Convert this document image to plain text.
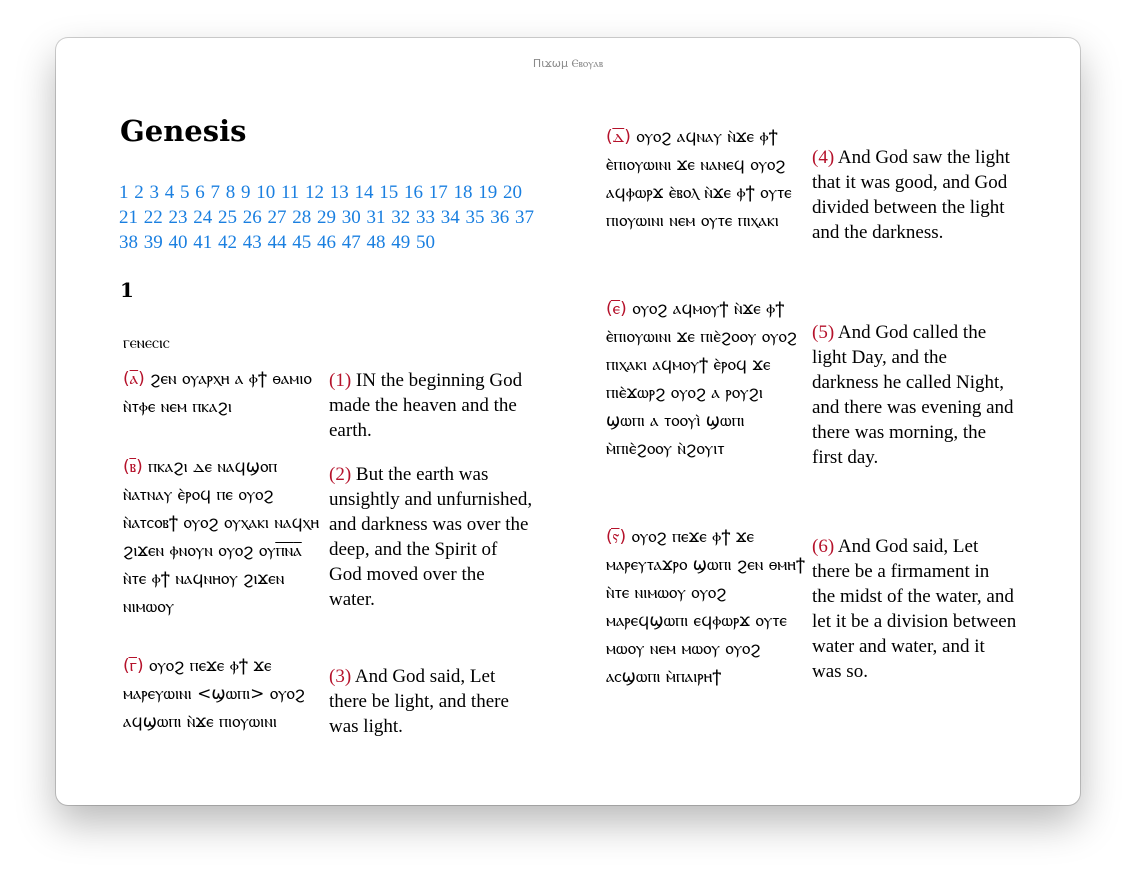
Πιϫωμ Ⲉⲃⲟⲩⲁⲃ
Genesis
1 2 3 4 5 6 7 8 9 10 11 12 13 14 15 16 17 18 19 20 21 22 23 24 25 26 27 28 29 30 31 32 33 34 35 36 37 38 39 40 41 42 43 44 45 46 47 48 49 50
1
ⲅⲉⲛⲉⲥⲓⲥ
(ⲁ̅) ϩⲉⲛ ⲟⲩⲁⲣⲭⲏ ⲁ ⲫϯ ⲑⲁⲙⲓⲟ ⲛ̀ⲧⲫⲉ ⲛⲉⲙ ⲡⲕⲁϩⲓ
(ⲃ̅) ⲡⲕⲁϩⲓ ⲇⲉ ⲛⲁϥϣⲟⲡ ⲛ̀ⲁⲧⲛⲁⲩ ⲉ̀ⲣⲟϥ ⲡⲉ ⲟⲩⲟϩ ⲛ̀ⲁⲧⲥⲟⲃϯ ⲟⲩⲟϩ ⲟⲩⲭⲁⲕⲓ ⲛⲁϥⲭⲏ ϩⲓϫⲉⲛ ⲫⲛⲟⲩⲛ ⲟⲩⲟϩ ⲟⲩⲡ̅ⲛ̅ⲁ̅ ⲛ̀ⲧⲉ ⲫϯ ⲛⲁϥⲛⲏⲟⲩ ϩⲓϫⲉⲛ ⲛⲓⲙⲱⲟⲩ
(ⲅ̅) ⲟⲩⲟϩ ⲡⲉϫⲉ ⲫϯ ϫⲉ ⲙⲁⲣⲉⲩⲱⲓⲛⲓ <ϣⲱⲡⲓ> ⲟⲩⲟϩ ⲁϥϣⲱⲡⲓ ⲛ̀ϫⲉ ⲡⲓⲟⲩⲱⲓⲛⲓ
(1) IN the beginning God made the heaven and the earth.
(2) But the earth was unsightly and unfurnished, and darkness was over the deep, and the Spirit of God moved over the water.
(3) And God said, Let there be light, and there was light.
(ⲇ̅) ⲟⲩⲟϩ ⲁϥⲛⲁⲩ ⲛ̀ϫⲉ ⲫϯ ⲉ̀ⲡⲓⲟⲩⲱⲓⲛⲓ ϫⲉ ⲛⲁⲛⲉϥ ⲟⲩⲟϩ ⲁϥⲫⲱⲣϫ ⲉ̀ⲃⲟⲗ ⲛ̀ϫⲉ ⲫϯ ⲟⲩⲧⲉ ⲡⲓⲟⲩⲱⲓⲛⲓ ⲛⲉⲙ ⲟⲩⲧⲉ ⲡⲓⲭⲁⲕⲓ
(ⲉ̅) ⲟⲩⲟϩ ⲁϥⲙⲟⲩϯ ⲛ̀ϫⲉ ⲫϯ ⲉ̀ⲡⲓⲟⲩⲱⲓⲛⲓ ϫⲉ ⲡⲓⲉ̀ϩⲟⲟⲩ ⲟⲩⲟϩ ⲡⲓⲭⲁⲕⲓ ⲁϥⲙⲟⲩϯ ⲉ̀ⲣⲟϥ ϫⲉ ⲡⲓⲉ̀ϫⲱⲣϩ ⲟⲩⲟϩ ⲁ ⲣⲟⲩϩⲓ ϣⲱⲡⲓ ⲁ ⲧⲟⲟⲩⲓ̀ ϣⲱⲡⲓ ⲙ̀ⲡⲓⲉ̀ϩⲟⲟⲩ ⲛ̀ϩⲟⲩⲓⲧ
(ⲋ̅) ⲟⲩⲟϩ ⲡⲉϫⲉ ⲫϯ ϫⲉ ⲙⲁⲣⲉⲩⲧⲁϫⲣⲟ ϣⲱⲡⲓ ϩⲉⲛ ⲑⲙⲏϯ ⲛ̀ⲧⲉ ⲛⲓⲙⲱⲟⲩ ⲟⲩⲟϩ ⲙⲁⲣⲉϥϣⲱⲡⲓ ⲉϥⲫⲱⲣϫ ⲟⲩⲧⲉ ⲙⲱⲟⲩ ⲛⲉⲙ ⲙⲱⲟⲩ ⲟⲩⲟϩ ⲁⲥϣⲱⲡⲓ ⲙ̀ⲡⲁⲓⲣⲏϯ
(4) And God saw the light that it was good, and God divided between the light and the darkness.
(5) And God called the light Day, and the darkness he called Night, and there was evening and there was morning, the first day.
(6) And God said, Let there be a firmament in the midst of the water, and let it be a division between water and water, and it was so.
